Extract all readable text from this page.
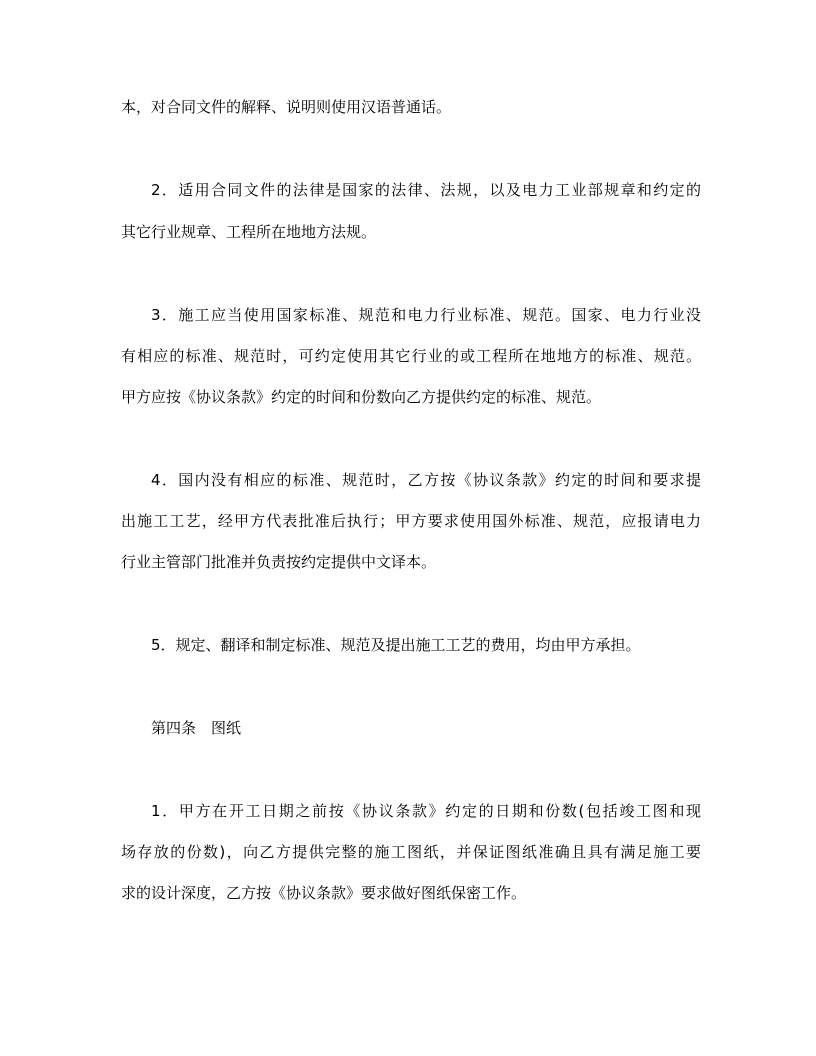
本，对合同文件的解释、说明则使用汉语普通话。
2．适用合同文件的法律是国家的法律、法规，以及电力工业部规章和约定的
其它行业规章、工程所在地地方法规。
3．施工应当使用国家标准、规范和电力行业标准、规范。国家、电力行业没
有相应的标准、规范时，可约定使用其它行业的或工程所在地地方的标准、规范。
甲方应按《协议条款》约定的时间和份数向乙方提供约定的标准、规范。
4．国内没有相应的标准、规范时，乙方按《协议条款》约定的时间和要求提
出施工工艺，经甲方代表批准后执行；甲方要求使用国外标准、规范，应报请电力
行业主管部门批准并负责按约定提供中文译本。
5．规定、翻译和制定标准、规范及提出施工工艺的费用，均由甲方承担。
第四条　图纸
1．甲方在开工日期之前按《协议条款》约定的日期和份数(包括竣工图和现
场存放的份数)，向乙方提供完整的施工图纸，并保证图纸准确且具有满足施工要
求的设计深度，乙方按《协议条款》要求做好图纸保密工作。
